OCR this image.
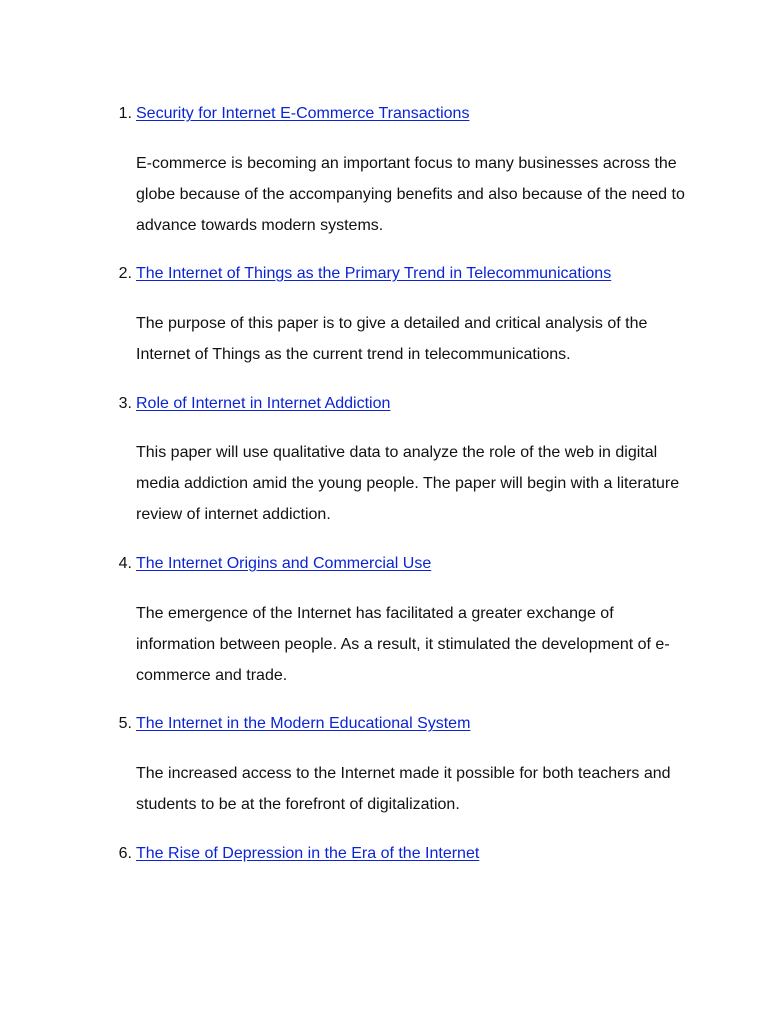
1. Security for Internet E-Commerce Transactions
E-commerce is becoming an important focus to many businesses across the
globe because of the accompanying benefits and also because of the need to
advance towards modern systems.
2. The Internet of Things as the Primary Trend in Telecommunications
The purpose of this paper is to give a detailed and critical analysis of the
Internet of Things as the current trend in telecommunications.
3. Role of Internet in Internet Addiction
This paper will use qualitative data to analyze the role of the web in digital
media addiction amid the young people. The paper will begin with a literature
review of internet addiction.
4. The Internet Origins and Commercial Use
The emergence of the Internet has facilitated a greater exchange of
information between people. As a result, it stimulated the development of e-
commerce and trade.
5. The Internet in the Modern Educational System
The increased access to the Internet made it possible for both teachers and
students to be at the forefront of digitalization.
6. The Rise of Depression in the Era of the Internet
